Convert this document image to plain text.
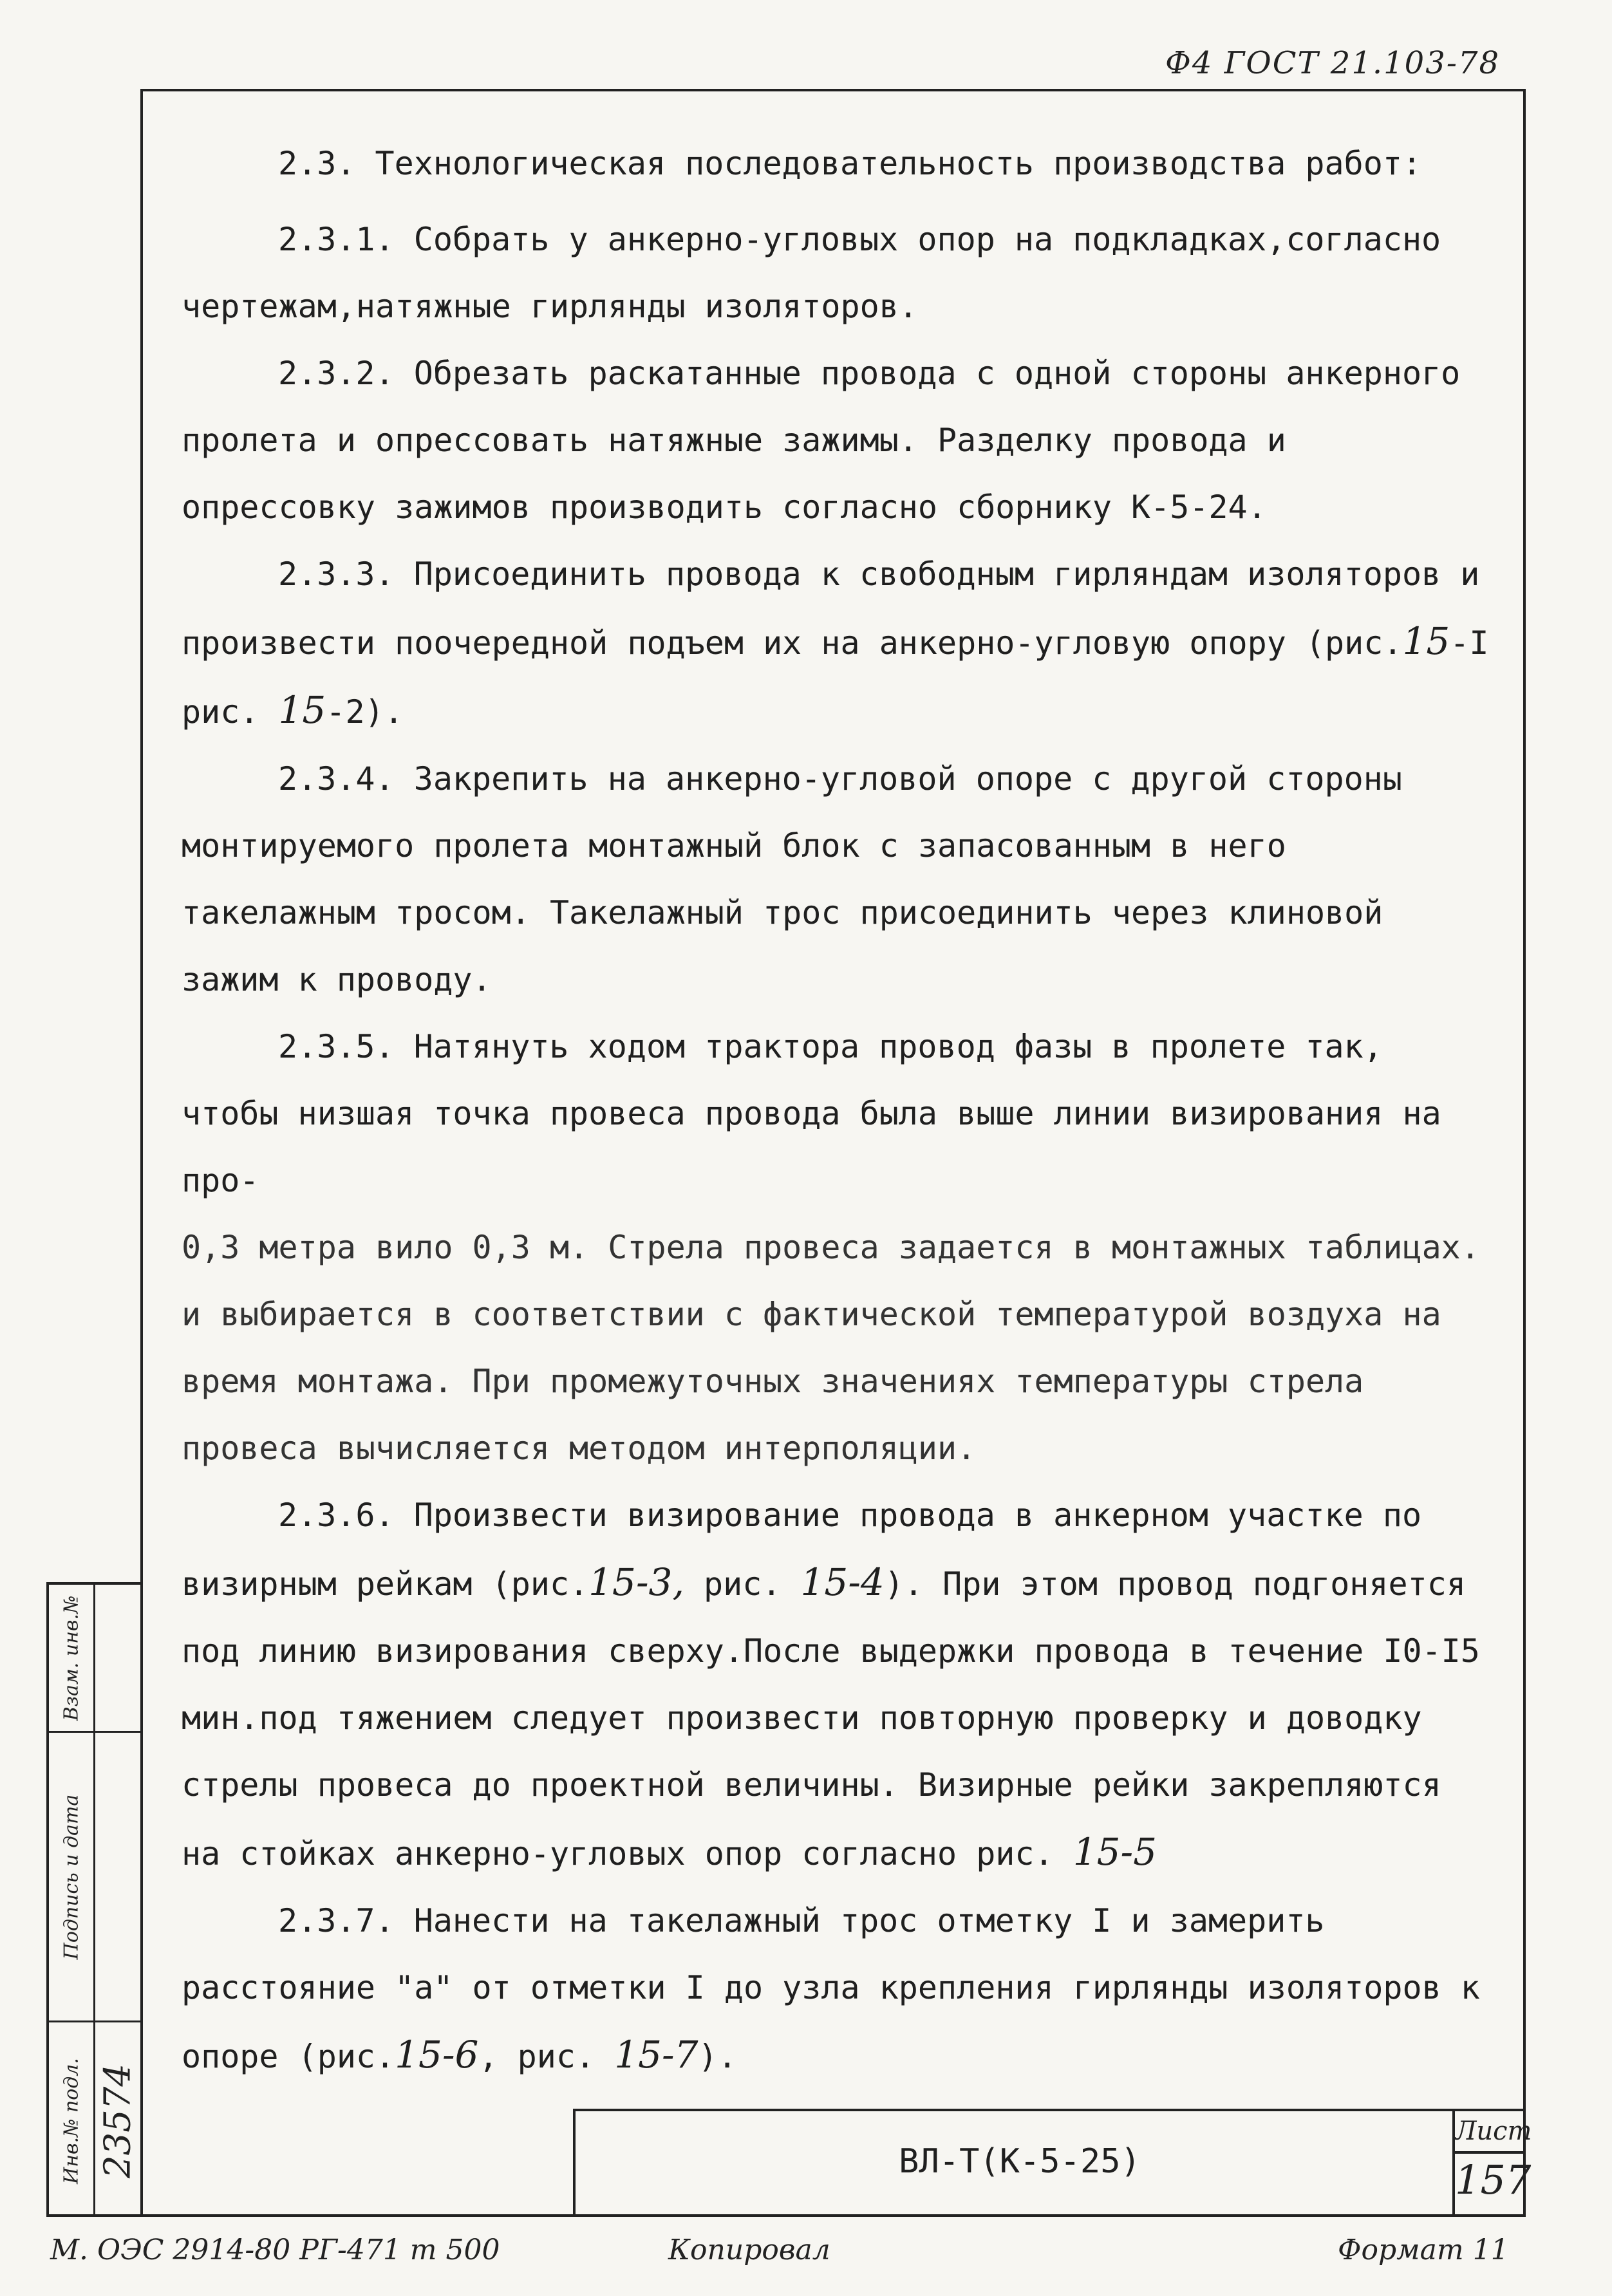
Ф4 ГОСТ 21.103-78

2.3. Технологическая последовательность производства работ:

2.3.1. Собрать у анкерно-угловых опор на подкладках,согласно чертежам,натяжные гирлянды изоляторов.

2.3.2. Обрезать раскатанные провода с одной стороны анкерного пролета и опрессовать натяжные зажимы. Разделку провода и опрессовку зажимов производить согласно сборнику К-5-24.

2.3.3. Присоединить провода к свободным гирляндам изоляторов и произвести поочередной подъем их на анкерно-угловую опору (рис.15-I рис. 15-2).

2.3.4. Закрепить на анкерно-угловой опоре с другой стороны монтируемого пролета монтажный блок с запасованным в него такелажным тросом. Такелажный трос присоединить через клиновой зажим к проводу.

2.3.5. Натянуть ходом трактора провод фазы в пролете так, чтобы низшая точка провеса провода была выше линии визирования на про-

0,3 метра вило 0,3 м. Стрела провеса задается в монтажных таблицах. и выбирается в соответствии с фактической температурой воздуха на время монтажа. При промежуточных значениях температуры стрела провеса вычисляется методом интерполяции.

2.3.6. Произвести визирование провода в анкерном участке по визирным рейкам (рис.15-3, рис. 15-4). При этом провод подгоняется под линию визирования сверху.После выдержки провода в течение I0-I5 мин.под тяжением следует произвести повторную проверку и доводку стрелы провеса до проектной величины. Визирные рейки закрепляются на стойках анкерно-угловых опор согласно рис. 15-5

2.3.7. Нанести на такелажный трос отметку I и замерить расстояние "а" от отметки I до узла крепления гирлянды изоляторов к опоре (рис.15-6, рис. 15-7).

ВЛ-Т(К-5-25)
Лист
157
Взам. инв.№
Подпись и дата
Инв.№ подл. 23574
М. ОЭС 2914-80 РГ-471 т 500	Копировал	Формат 11
